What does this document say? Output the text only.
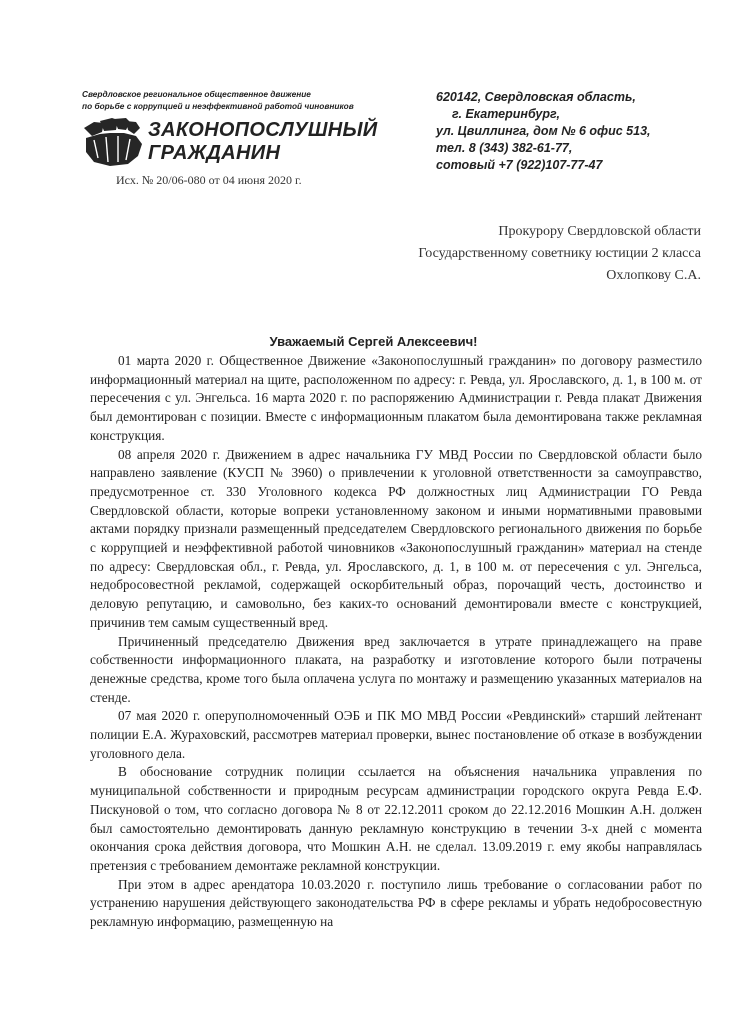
Свердловское региональное общественное движение
по борьбе с коррупцией и неэффективной работой чиновников
ЗАКОНОПОСЛУШНЫЙ
ГРАЖДАНИН
Исх. № 20/06-080 от 04 июня 2020 г.
620142, Свердловская область,
г. Екатеринбург,
ул. Цвиллинга, дом № 6 офис 513,
тел. 8 (343) 382-61-77,
сотовый +7 (922)107-77-47
Прокурору Свердловской области
Государственному советнику юстиции 2 класса
Охлопкову С.А.
Уважаемый Сергей Алексеевич!

01 марта 2020 г. Общественное Движение «Законопослушный гражданин» по договору разместило информационный материал на щите, расположенном по адресу: г. Ревда, ул. Ярославского, д. 1, в 100 м. от пересечения с ул. Энгельса. 16 марта 2020 г. по распоряжению Администрации г. Ревда плакат Движения был демонтирован с позиции. Вместе с информационным плакатом была демонтирована также рекламная конструкция.

08 апреля 2020 г. Движением в адрес начальника ГУ МВД России по Свердловской области было направлено заявление (КУСП № 3960) о привлечении к уголовной ответственности за самоуправство, предусмотренное ст. 330 Уголовного кодекса РФ должностных лиц Администрации ГО Ревда Свердловской области, которые вопреки установленному законом и иными нормативными правовыми актами порядку признали размещенный председателем Свердловского регионального движения по борьбе с коррупцией и неэффективной работой чиновников «Законопослушный гражданин» материал на стенде по адресу: Свердловская обл., г. Ревда, ул. Ярославского, д. 1, в 100 м. от пересечения с ул. Энгельса, недобросовестной рекламой, содержащей оскорбительный образ, порочащий честь, достоинство и деловую репутацию, и самовольно, без каких-то оснований демонтировали вместе с конструкцией, причинив тем самым существенный вред.

Причиненный председателю Движения вред заключается в утрате принадлежащего на праве собственности информационного плаката, на разработку и изготовление которого были потрачены денежные средства, кроме того была оплачена услуга по монтажу и размещению указанных материалов на стенде.

07 мая 2020 г. оперуполномоченный ОЭБ и ПК МО МВД России «Ревдинский» старший лейтенант полиции Е.А. Жураховский, рассмотрев материал проверки, вынес постановление об отказе в возбуждении уголовного дела.

В обоснование сотрудник полиции ссылается на объяснения начальника управления по муниципальной собственности и природным ресурсам администрации городского округа Ревда Е.Ф. Пискуновой о том, что согласно договора № 8 от 22.12.2011 сроком до 22.12.2016 Мошкин А.Н. должен был самостоятельно демонтировать данную рекламную конструкцию в течении 3-х дней с момента окончания срока действия договора, что Мошкин А.Н. не сделал. 13.09.2019 г. ему якобы направлялась претензия с требованием демонтаже рекламной конструкции.

При этом в адрес арендатора 10.03.2020 г. поступило лишь требование о согласовании работ по устранению нарушения действующего законодательства РФ в сфере рекламы и убрать недобросовестную рекламную информацию, размещенную на
